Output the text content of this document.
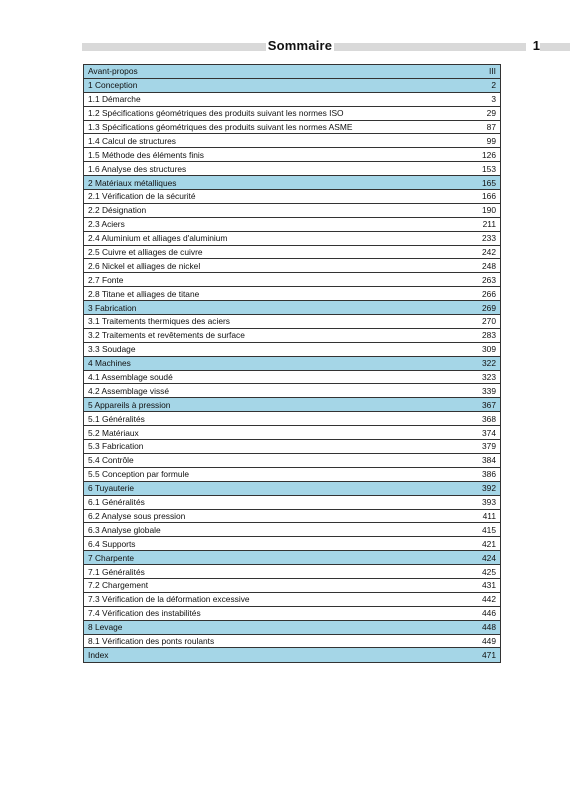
Sommaire	1
Avant-propos	III
1 Conception	2
1.1 Démarche	3
1.2 Spécifications géométriques des produits suivant les normes ISO	29
1.3 Spécifications géométriques des produits suivant les normes ASME	87
1.4 Calcul de structures	99
1.5 Méthode des éléments finis	126
1.6 Analyse des structures	153
2 Matériaux métalliques	165
2.1 Vérification de la sécurité	166
2.2 Désignation	190
2.3 Aciers	211
2.4 Aluminium et alliages d'aluminium	233
2.5 Cuivre et alliages de cuivre	242
2.6 Nickel et alliages de nickel	248
2.7 Fonte	263
2.8 Titane et alliages de titane	266
3 Fabrication	269
3.1 Traitements thermiques des aciers	270
3.2 Traitements et revêtements de surface	283
3.3 Soudage	309
4 Machines	322
4.1 Assemblage soudé	323
4.2 Assemblage vissé	339
5 Appareils à pression	367
5.1 Généralités	368
5.2 Matériaux	374
5.3 Fabrication	379
5.4 Contrôle	384
5.5 Conception par formule	386
6 Tuyauterie	392
6.1 Généralités	393
6.2 Analyse sous pression	411
6.3 Analyse globale	415
6.4 Supports	421
7 Charpente	424
7.1 Généralités	425
7.2 Chargement	431
7.3 Vérification de la déformation excessive	442
7.4 Vérification des instabilités	446
8 Levage	448
8.1 Vérification des ponts roulants	449
Index	471
